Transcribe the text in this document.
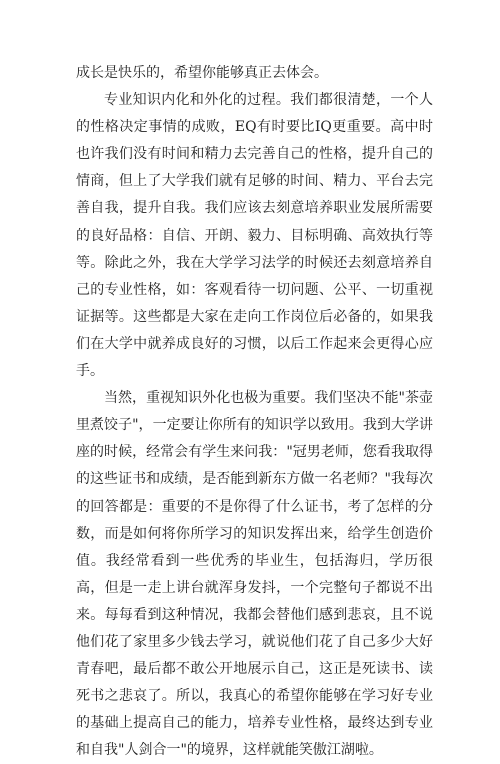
成长是快乐的，希望你能够真正去体会。

专业知识内化和外化的过程。我们都很清楚，一个人的性格决定事情的成败，EQ有时要比IQ更重要。高中时也许我们没有时间和精力去完善自己的性格，提升自己的情商，但上了大学我们就有足够的时间、精力、平台去完善自我，提升自我。我们应该去刻意培养职业发展所需要的良好品格：自信、开朗、毅力、目标明确、高效执行等等。除此之外，我在大学学习法学的时候还去刻意培养自己的专业性格，如：客观看待一切问题、公平、一切重视证据等。这些都是大家在走向工作岗位后必备的，如果我们在大学中就养成良好的习惯，以后工作起来会更得心应手。

当然，重视知识外化也极为重要。我们坚决不能"茶壶里煮饺子"，一定要让你所有的知识学以致用。我到大学讲座的时候，经常会有学生来问我："冠男老师，您看我取得的这些证书和成绩，是否能到新东方做一名老师？"我每次的回答都是：重要的不是你得了什么证书，考了怎样的分数，而是如何将你所学习的知识发挥出来，给学生创造价值。我经常看到一些优秀的毕业生，包括海归，学历很高，但是一走上讲台就浑身发抖，一个完整句子都说不出来。每每看到这种情况，我都会替他们感到悲哀，且不说他们花了家里多少钱去学习，就说他们花了自己多少大好青春吧，最后都不敢公开地展示自己，这正是死读书、读死书之悲哀了。所以，我真心的希望你能够在学习好专业的基础上提高自己的能力，培养专业性格，最终达到专业和自我"人剑合一"的境界，这样就能笑傲江湖啦。
